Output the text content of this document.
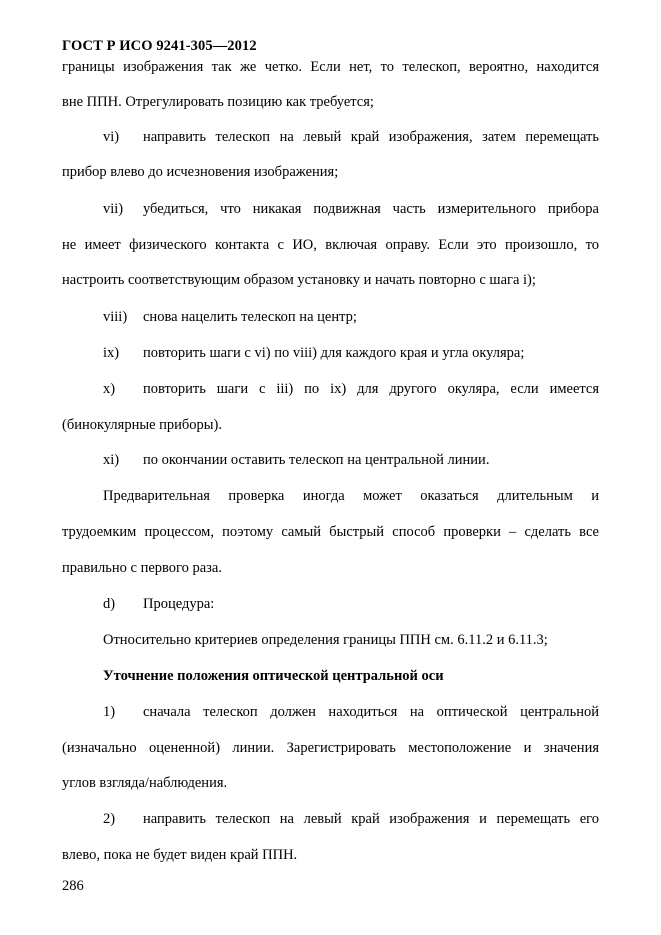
ГОСТ Р ИСО 9241-305—2012
границы изображения так же четко. Если нет, то телескоп, вероятно, находится
вне ППН. Отрегулировать позицию как требуется;
vi) направить телескоп на левый край изображения, затем перемещать
прибор влево до исчезновения изображения;
vii) убедиться, что никакая подвижная часть измерительного прибора
не имеет физического контакта с ИО, включая оправу. Если это произошло, то
настроить соответствующим образом установку и начать повторно с шага i);
viii) снова нацелить телескоп на центр;
ix) повторить шаги с vi) по viii) для каждого края и угла окуляра;
x) повторить шаги с iii) по ix) для другого окуляра, если имеется
(бинокулярные приборы).
xi) по окончании оставить телескоп на центральной линии.
Предварительная проверка иногда может оказаться длительным и
трудоемким процессом, поэтому самый быстрый способ проверки – сделать все
правильно с первого раза.
d) Процедура:
Относительно критериев определения границы ППН см. 6.11.2 и 6.11.3;
Уточнение положения оптической центральной оси
1) сначала телескоп должен находиться на оптической центральной
(изначально оцененной) линии. Зарегистрировать местоположение и значения
углов взгляда/наблюдения.
2) направить телескоп на левый край изображения и перемещать его
влево, пока не будет виден край ППН.
286
